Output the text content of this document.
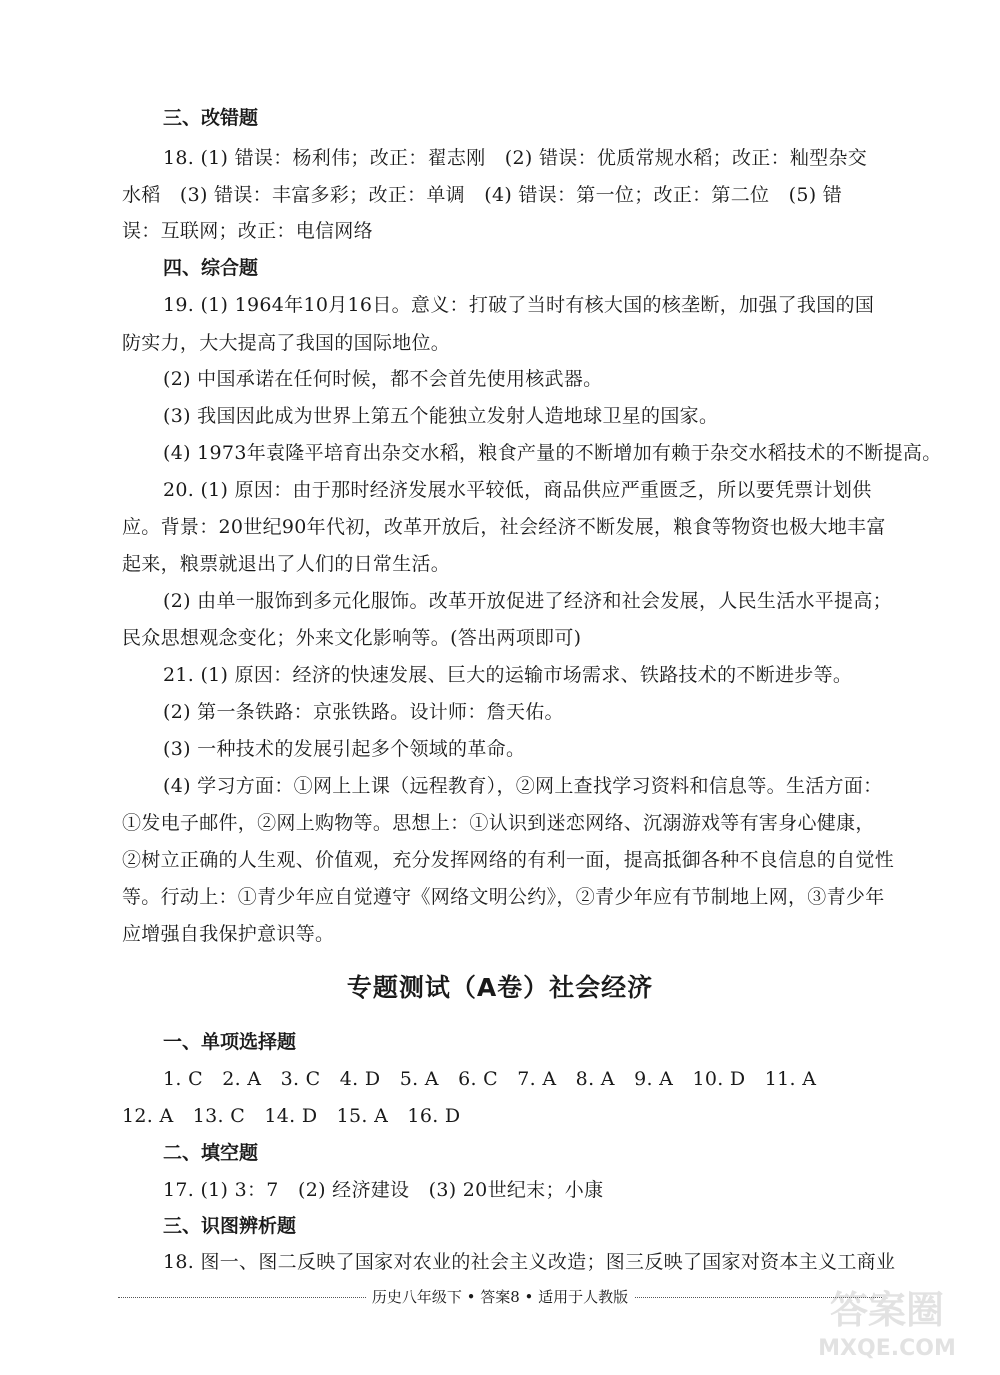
三、改错题
18. (1) 错误：杨利伟；改正：翟志刚　(2) 错误：优质常规水稻；改正：籼型杂交
水稻　(3) 错误：丰富多彩；改正：单调　(4) 错误：第一位；改正：第二位　(5) 错
误：互联网；改正：电信网络
四、综合题
19. (1) 1964年10月16日。意义：打破了当时有核大国的核垄断，加强了我国的国
防实力，大大提高了我国的国际地位。
(2) 中国承诺在任何时候，都不会首先使用核武器。
(3) 我国因此成为世界上第五个能独立发射人造地球卫星的国家。
(4) 1973年袁隆平培育出杂交水稻，粮食产量的不断增加有赖于杂交水稻技术的不断提高。
20. (1) 原因：由于那时经济发展水平较低，商品供应严重匮乏，所以要凭票计划供
应。背景：20世纪90年代初，改革开放后，社会经济不断发展，粮食等物资也极大地丰富
起来，粮票就退出了人们的日常生活。
(2) 由单一服饰到多元化服饰。改革开放促进了经济和社会发展，人民生活水平提高；
民众思想观念变化；外来文化影响等。(答出两项即可)
21. (1) 原因：经济的快速发展、巨大的运输市场需求、铁路技术的不断进步等。
(2) 第一条铁路：京张铁路。设计师：詹天佑。
(3) 一种技术的发展引起多个领域的革命。
(4) 学习方面：①网上上课（远程教育），②网上查找学习资料和信息等。生活方面：
①发电子邮件，②网上购物等。思想上：①认识到迷恋网络、沉溺游戏等有害身心健康，
②树立正确的人生观、价值观，充分发挥网络的有利一面，提高抵御各种不良信息的自觉性
等。行动上：①青少年应自觉遵守《网络文明公约》，②青少年应有节制地上网，③青少年
应增强自我保护意识等。
专题测试（A卷）社会经济
一、单项选择题
1. C　2. A　3. C　4. D　5. A　6. C　7. A　8. A　9. A　10. D　11. A
12. A　13. C　14. D　15. A　16. D
二、填空题
17. (1) 3：7　(2) 经济建设　(3) 20世纪末；小康
三、识图辨析题
18. 图一、图二反映了国家对农业的社会主义改造；图三反映了国家对资本主义工商业
历史八年级下 • 答案8 • 适用于人教版	答案圈
MXQE.COM
